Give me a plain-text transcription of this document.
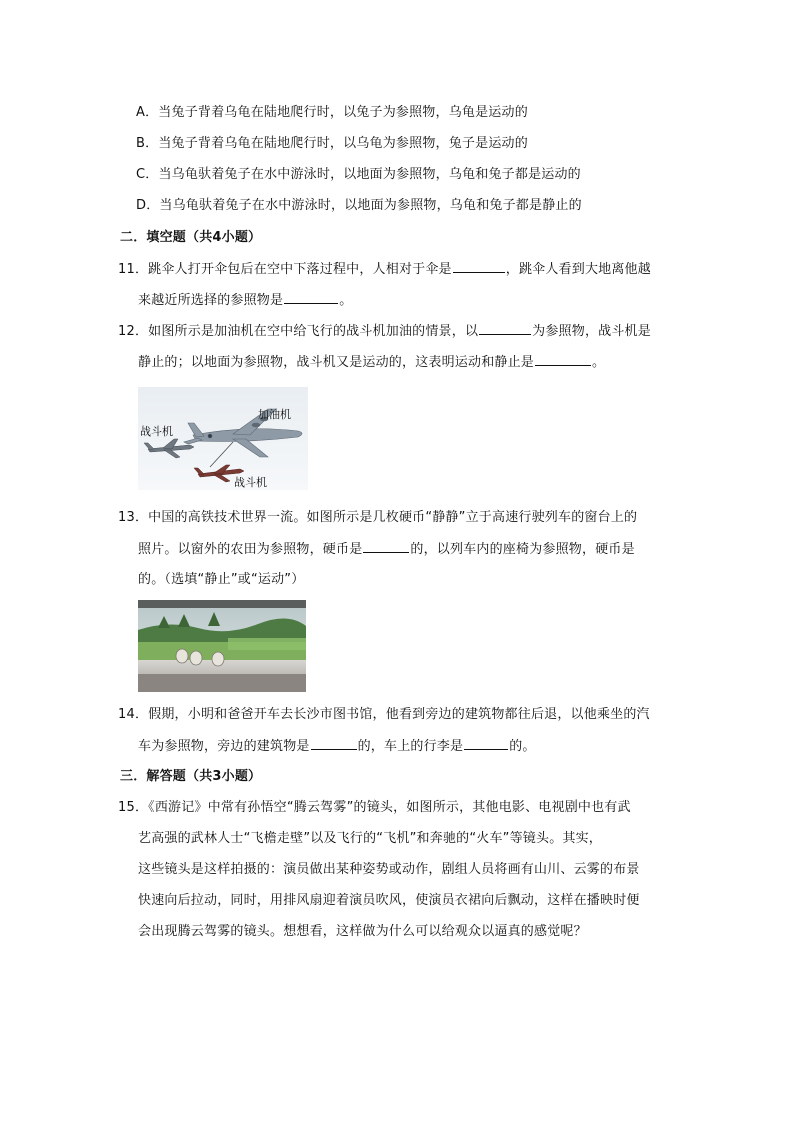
A．当兔子背着乌龟在陆地爬行时，以兔子为参照物，乌龟是运动的
B．当兔子背着乌龟在陆地爬行时，以乌龟为参照物，兔子是运动的
C．当乌龟驮着兔子在水中游泳时，以地面为参照物，乌龟和兔子都是运动的
D．当乌龟驮着兔子在水中游泳时，以地面为参照物，乌龟和兔子都是静止的
二．填空题（共4小题）
11．跳伞人打开伞包后在空中下落过程中，人相对于伞是	，跳伞人看到大地离他越
来越近所选择的参照物是	。
12．如图所示是加油机在空中给飞行的战斗机加油的情景，以	为参照物，战斗机是
静止的；以地面为参照物，战斗机又是运动的，这表明运动和静止是	。
加油机
战斗机
战斗机
13．中国的高铁技术世界一流。如图所示是几枚硬币“静静”立于高速行驶列车的窗台上的
照片。以窗外的农田为参照物，硬币是	的，以列车内的座椅为参照物，硬币是
的。（选填“静止”或“运动”）
14．假期，小明和爸爸开车去长沙市图书馆，他看到旁边的建筑物都往后退，以他乘坐的汽
车为参照物，旁边的建筑物是	的，车上的行李是	的。
三．解答题（共3小题）
15．《西游记》中常有孙悟空“腾云驾雾”的镜头，如图所示，其他电影、电视剧中也有武
艺高强的武林人士“飞檐走壁”以及飞行的“飞机”和奔驰的“火车”等镜头。其实，
这些镜头是这样拍摄的：演员做出某种姿势或动作，剧组人员将画有山川、云雾的布景
快速向后拉动，同时，用排风扇迎着演员吹风，使演员衣裙向后飘动，这样在播映时便
会出现腾云驾雾的镜头。想想看，这样做为什么可以给观众以逼真的感觉呢？
